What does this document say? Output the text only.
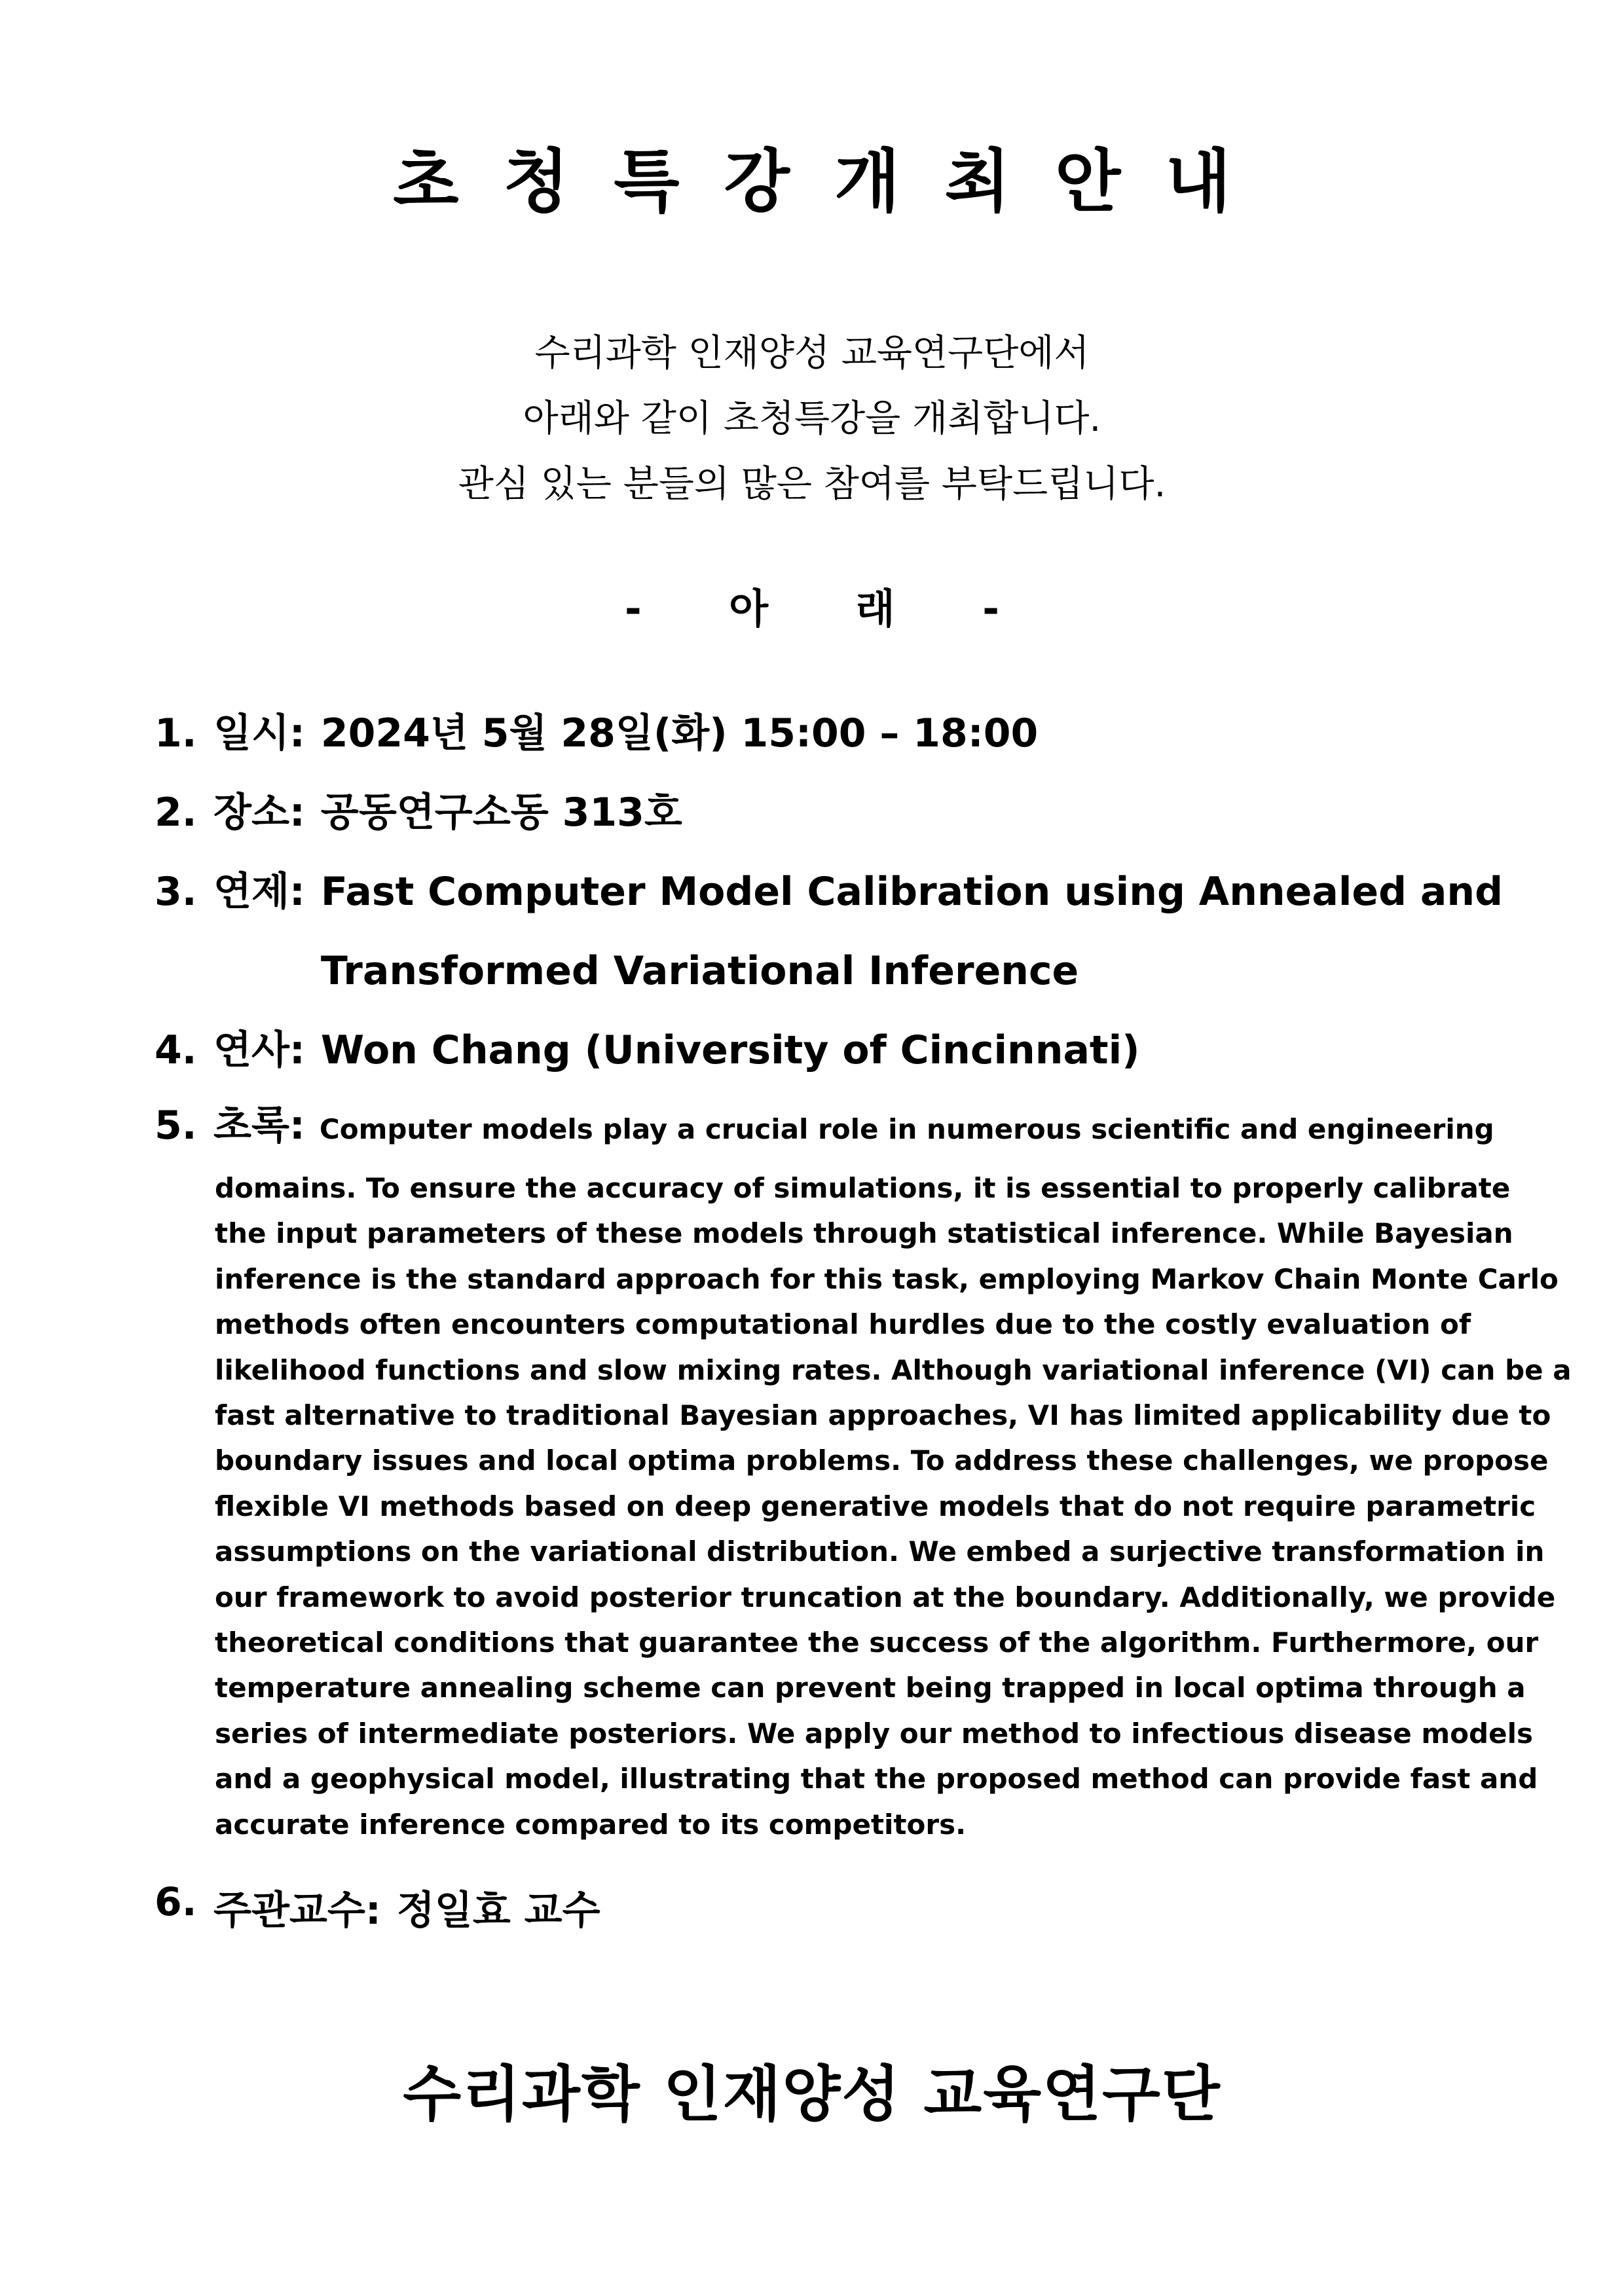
초청특강개최안내
수리과학 인재양성 교육연구단에서
아래와 같이 초청특강을 개최합니다.
관심 있는 분들의 많은 참여를 부탁드립니다.
- 아 래 -
1. 일시: 2024년 5월 28일(화) 15:00 – 18:00
2. 장소: 공동연구소동 313호
3. 연제: Fast Computer Model Calibration using Annealed and
Transformed Variational Inference
4. 연사: Won Chang (University of Cincinnati)
5. 초록: Computer models play a crucial role in numerous scientific and engineering
domains. To ensure the accuracy of simulations, it is essential to properly calibrate
the input parameters of these models through statistical inference. While Bayesian
inference is the standard approach for this task, employing Markov Chain Monte Carlo
methods often encounters computational hurdles due to the costly evaluation of
likelihood functions and slow mixing rates. Although variational inference (VI) can be a
fast alternative to traditional Bayesian approaches, VI has limited applicability due to
boundary issues and local optima problems. To address these challenges, we propose
flexible VI methods based on deep generative models that do not require parametric
assumptions on the variational distribution. We embed a surjective transformation in
our framework to avoid posterior truncation at the boundary. Additionally, we provide
theoretical conditions that guarantee the success of the algorithm. Furthermore, our
temperature annealing scheme can prevent being trapped in local optima through a
series of intermediate posteriors. We apply our method to infectious disease models
and a geophysical model, illustrating that the proposed method can provide fast and
accurate inference compared to its competitors.
6. 주관교수: 정일효 교수
수리과학 인재양성 교육연구단
